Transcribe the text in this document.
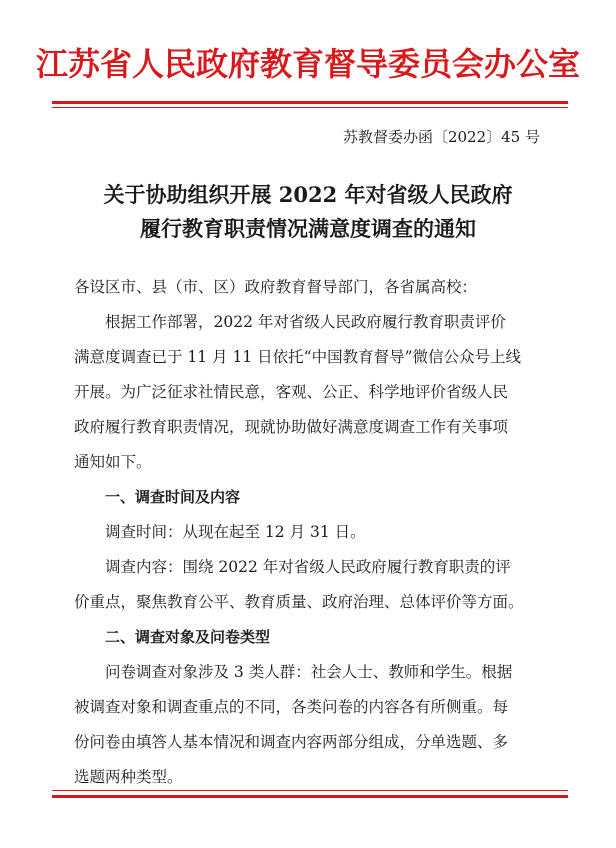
江苏省人民政府教育督导委员会办公室
苏教督委办函〔2022〕45 号
关于协助组织开展 2022 年对省级人民政府
履行教育职责情况满意度调查的通知
各设区市、县（市、区）政府教育督导部门，各省属高校：
根据工作部署，2022 年对省级人民政府履行教育职责评价
满意度调查已于 11 月 11 日依托“中国教育督导”微信公众号上线
开展。为广泛征求社情民意，客观、公正、科学地评价省级人民
政府履行教育职责情况，现就协助做好满意度调查工作有关事项
通知如下。
一、调查时间及内容
调查时间：从现在起至 12 月 31 日。
调查内容：围绕 2022 年对省级人民政府履行教育职责的评
价重点，聚焦教育公平、教育质量、政府治理、总体评价等方面。
二、调查对象及问卷类型
问卷调查对象涉及 3 类人群：社会人士、教师和学生。根据
被调查对象和调查重点的不同，各类问卷的内容各有所侧重。每
份问卷由填答人基本情况和调查内容两部分组成，分单选题、多
选题两种类型。
